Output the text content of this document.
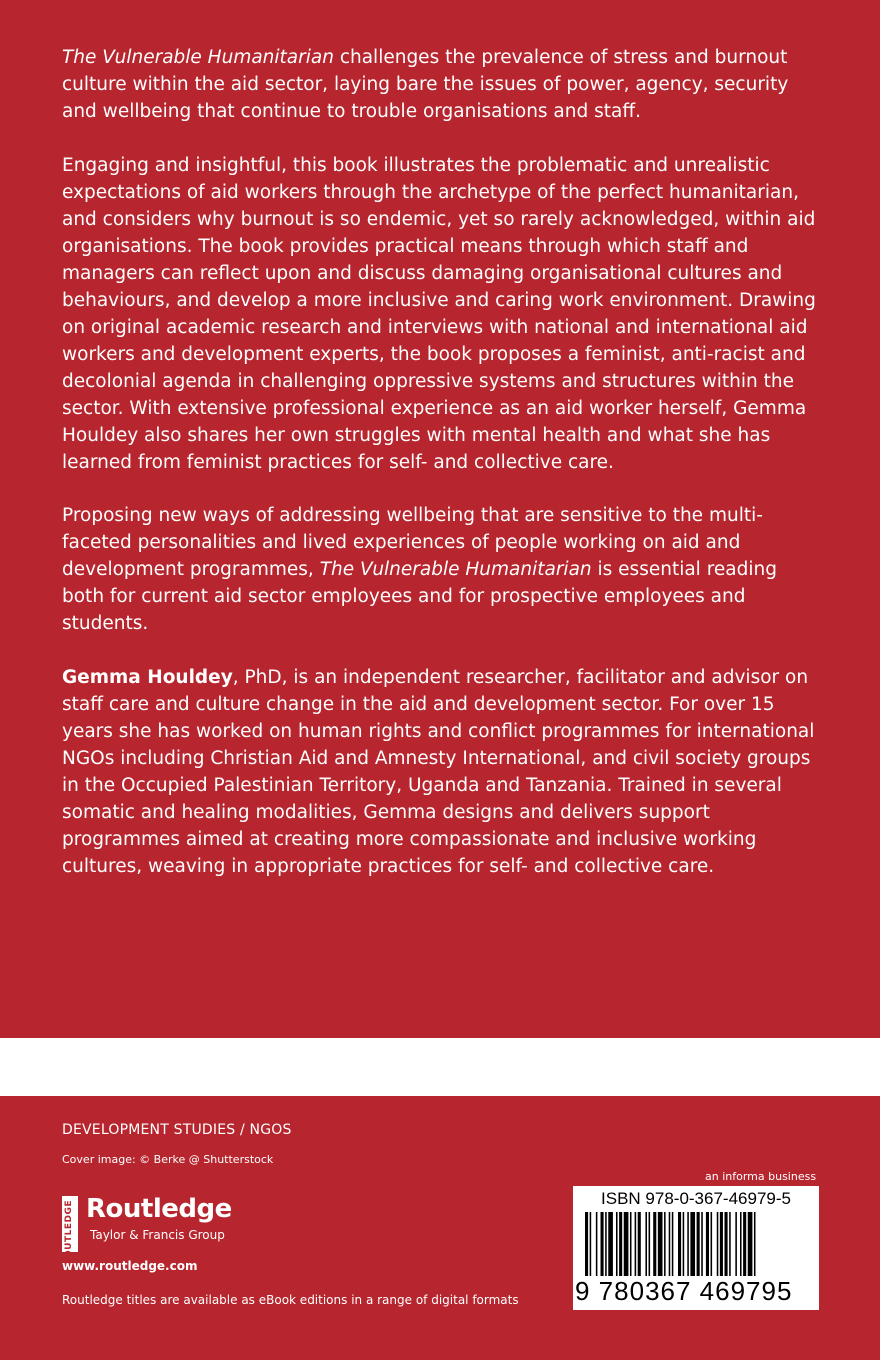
The Vulnerable Humanitarian challenges the prevalence of stress and burnout culture within the aid sector, laying bare the issues of power, agency, security and wellbeing that continue to trouble organisations and staff.

Engaging and insightful, this book illustrates the problematic and unrealistic expectations of aid workers through the archetype of the perfect humanitarian, and considers why burnout is so endemic, yet so rarely acknowledged, within aid organisations. The book provides practical means through which staff and managers can reflect upon and discuss damaging organisational cultures and behaviours, and develop a more inclusive and caring work environment. Drawing on original academic research and interviews with national and international aid workers and development experts, the book proposes a feminist, anti-racist and decolonial agenda in challenging oppressive systems and structures within the sector. With extensive professional experience as an aid worker herself, Gemma Houldey also shares her own struggles with mental health and what she has learned from feminist practices for self- and collective care.

Proposing new ways of addressing wellbeing that are sensitive to the multi-faceted personalities and lived experiences of people working on aid and development programmes, The Vulnerable Humanitarian is essential reading both for current aid sector employees and for prospective employees and students.

Gemma Houldey, PhD, is an independent researcher, facilitator and advisor on staff care and culture change in the aid and development sector. For over 15 years she has worked on human rights and conflict programmes for international NGOs including Christian Aid and Amnesty International, and civil society groups in the Occupied Palestinian Territory, Uganda and Tanzania. Trained in several somatic and healing modalities, Gemma designs and delivers support programmes aimed at creating more compassionate and inclusive working cultures, weaving in appropriate practices for self- and collective care.

DEVELOPMENT STUDIES / NGOS
Cover image: © Berke @ Shutterstock
ROUTLEDGE Routledge
Taylor & Francis Group
www.routledge.com
Routledge titles are available as eBook editions in a range of digital formats
an informa business
ISBN 978-0-367-46979-5
9 780367 469795
